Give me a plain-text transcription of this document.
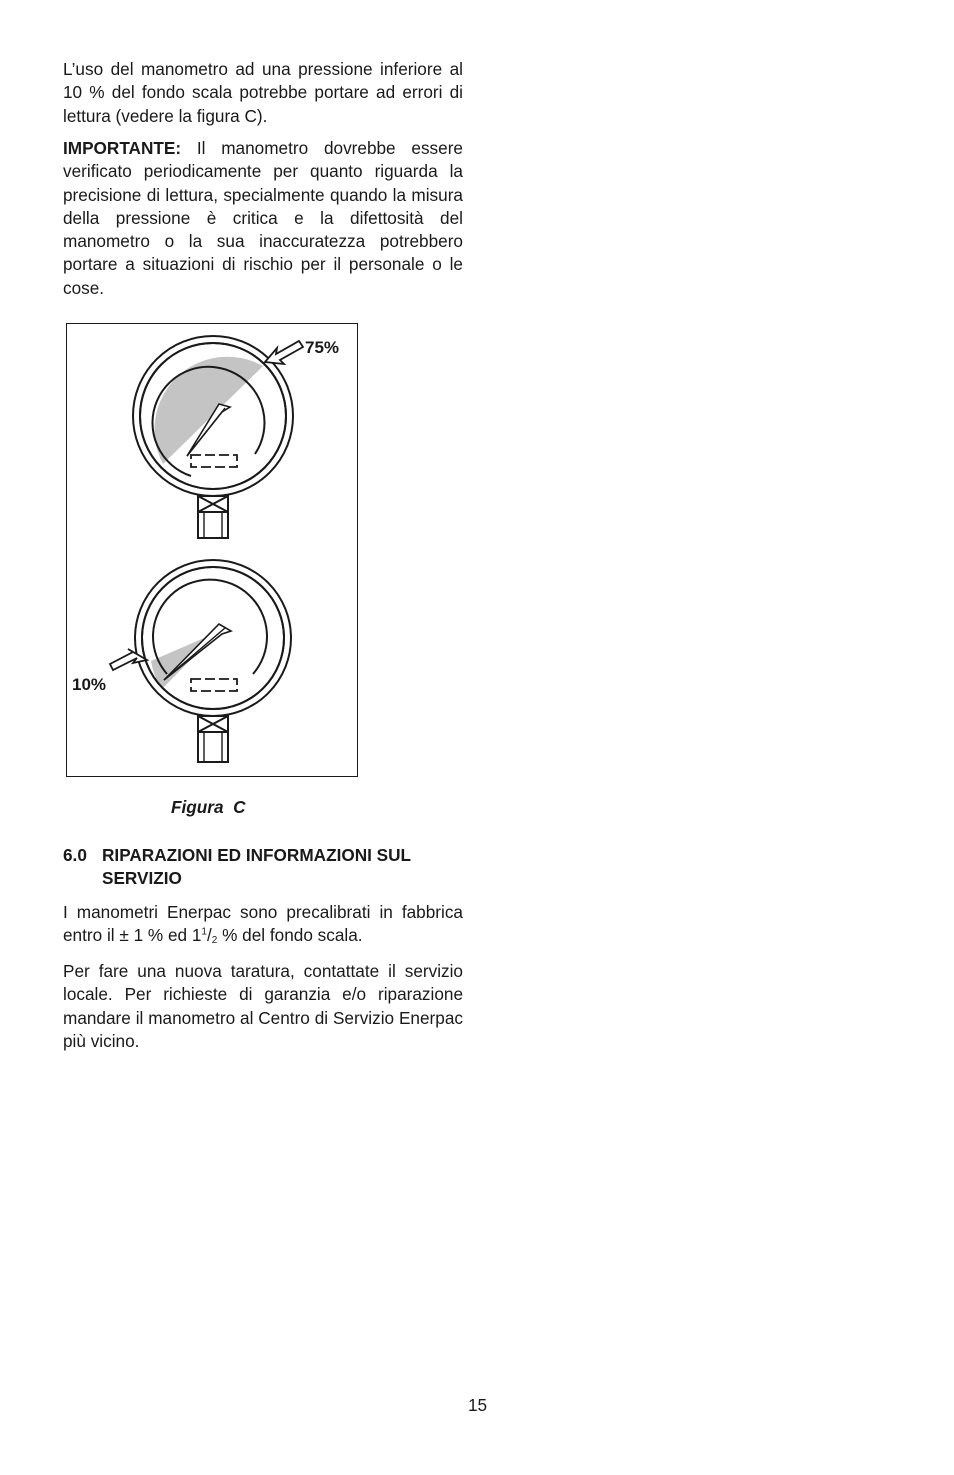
L’uso del manometro ad una pressione inferiore al 10 % del fondo scala potrebbe portare ad errori di lettura (vedere la figura C).

IMPORTANTE: Il manometro dovrebbe essere verificato periodicamente per quanto riguarda la precisione di lettura, specialmente quando la misura della pressione è critica e la difettosità del manometro o la sua inaccuratezza potrebbero portare a situazioni di rischio per il personale o le cose.

75%
10%
Figura  C
6.0 RIPARAZIONI ED INFORMAZIONI SUL SERVIZIO

I manometri Enerpac sono precalibrati in fabbrica entro il ± 1 % ed $1^1/_2$ % del fondo scala.

Per fare una nuova taratura, contattate il servizio locale. Per richieste di garanzia e/o riparazione mandare il manometro al Centro di Servizio Enerpac più vicino.

15
